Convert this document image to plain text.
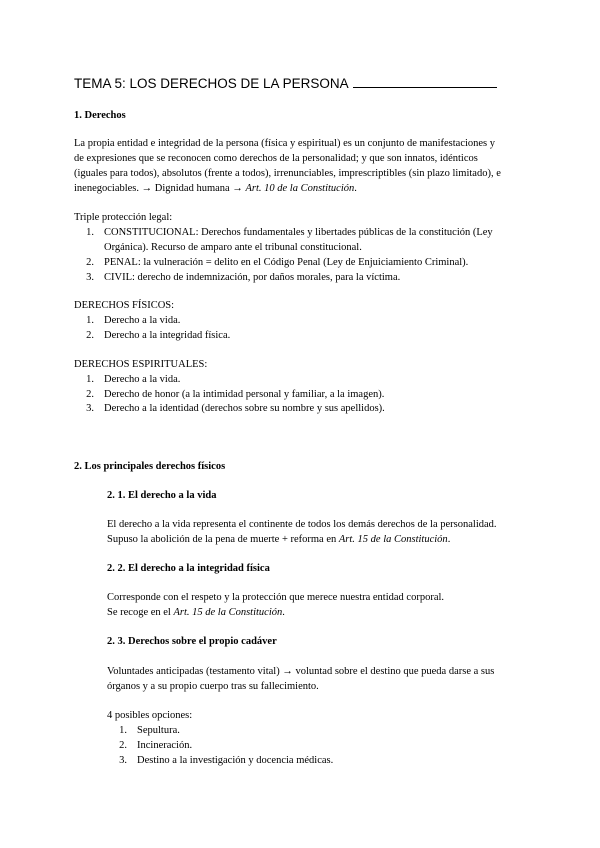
TEMA 5: LOS DERECHOS DE LA PERSONA
1. Derechos
La propia entidad e integridad de la persona (física y espiritual) es un conjunto de manifestaciones y
de expresiones que se reconocen como derechos de la personalidad; y que son innatos, idénticos
(iguales para todos), absolutos (frente a todos), irrenunciables, imprescriptibles (sin plazo limitado), e
inenegociables. → Dignidad humana → Art. 10 de la Constitución.
Triple protección legal:
1. CONSTITUCIONAL: Derechos fundamentales y libertades públicas de la constitución (Ley
Orgánica). Recurso de amparo ante el tribunal constitucional.
2. PENAL: la vulneración = delito en el Código Penal (Ley de Enjuiciamiento Criminal).
3. CIVIL: derecho de indemnización, por daños morales, para la víctima.
DERECHOS FÍSICOS:
1. Derecho a la vida.
2. Derecho a la integridad física.
DERECHOS ESPIRITUALES:
1. Derecho a la vida.
2. Derecho de honor (a la intimidad personal y familiar, a la imagen).
3. Derecho a la identidad (derechos sobre su nombre y sus apellidos).
2. Los principales derechos físicos
2. 1. El derecho a la vida
El derecho a la vida representa el continente de todos los demás derechos de la personalidad.
Supuso la abolición de la pena de muerte + reforma en Art. 15 de la Constitución.
2. 2. El derecho a la integridad física
Corresponde con el respeto y la protección que merece nuestra entidad corporal.
Se recoge en el Art. 15 de la Constitución.
2. 3. Derechos sobre el propio cadáver
Voluntades anticipadas (testamento vital) → voluntad sobre el destino que pueda darse a sus
órganos y a su propio cuerpo tras su fallecimiento.
4 posibles opciones:
1. Sepultura.
2. Incineración.
3. Destino a la investigación y docencia médicas.
